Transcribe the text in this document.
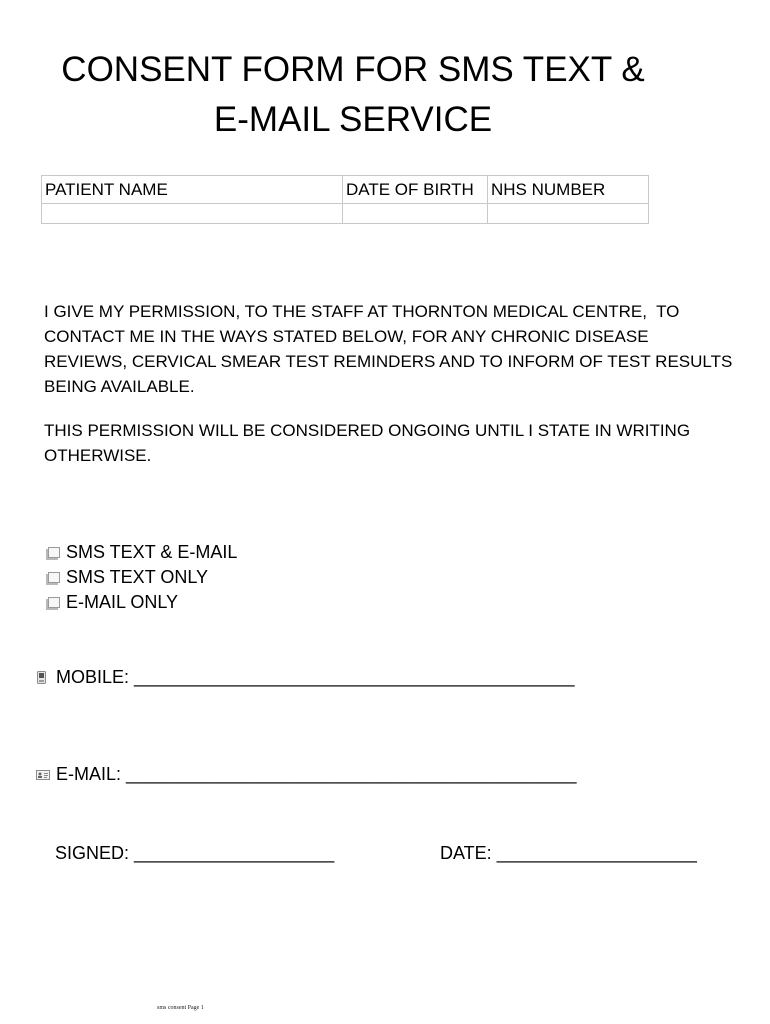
CONSENT FORM FOR SMS TEXT &
E-MAIL SERVICE
PATIENT NAME	DATE OF BIRTH	NHS NUMBER

I GIVE MY PERMISSION, TO THE STAFF AT THORNTON MEDICAL CENTRE,  TO
CONTACT ME IN THE WAYS STATED BELOW, FOR ANY CHRONIC DISEASE
REVIEWS, CERVICAL SMEAR TEST REMINDERS AND TO INFORM OF TEST RESULTS
BEING AVAILABLE.
THIS PERMISSION WILL BE CONSIDERED ONGOING UNTIL I STATE IN WRITING
OTHERWISE.
SMS TEXT & E-MAIL
SMS TEXT ONLY
E-MAIL ONLY
MOBILE:
____________________________________________
E-MAIL:
_____________________________________________
SIGNED:
____________________	DATE:
____________________
sms consent Page 1
